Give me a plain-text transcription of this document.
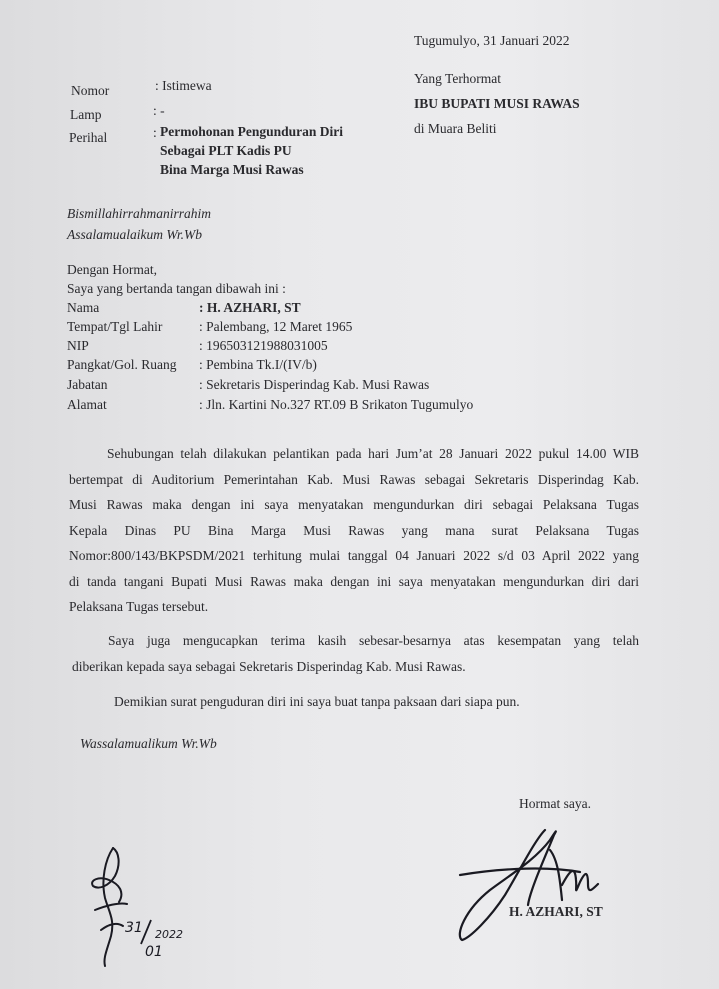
Tugumulyo, 31 Januari 2022
Yang Terhormat
IBU BUPATI MUSI RAWAS
di Muara Beliti
Nomor	: Istimewa
Lamp	: -
Perihal	: Permohonan Pengunduran Diri
Sebagai PLT Kadis PU
Bina Marga Musi Rawas
Bismillahirrahmanirrahim
Assalamualaikum Wr.Wb
Dengan Hormat,
Saya yang bertanda tangan dibawah ini :
Nama	: H. AZHARI, ST
Tempat/Tgl Lahir	: Palembang, 12 Maret 1965
NIP	: 196503121988031005
Pangkat/Gol. Ruang	: Pembina Tk.I/(IV/b)
Jabatan	: Sekretaris Disperindag Kab. Musi Rawas
Alamat	: Jln. Kartini No.327 RT.09 B Srikaton Tugumulyo
Sehubungan telah dilakukan pelantikan pada hari Jum’at 28 Januari 2022 pukul 14.00 WIB
bertempat di Auditorium Pemerintahan Kab. Musi Rawas sebagai Sekretaris Disperindag Kab.
Musi Rawas maka dengan ini saya menyatakan mengundurkan diri sebagai Pelaksana Tugas
Kepala Dinas PU Bina Marga Musi Rawas yang mana surat Pelaksana Tugas
Nomor:800/143/BKPSDM/2021 terhitung mulai tanggal 04 Januari 2022 s/d 03 April 2022 yang
di tanda tangani Bupati Musi Rawas maka dengan ini saya menyatakan mengundurkan diri dari
Pelaksana Tugas tersebut.
Saya juga mengucapkan terima kasih sebesar-besarnya atas kesempatan yang telah
diberikan kepada saya sebagai Sekretaris Disperindag Kab. Musi Rawas.
Demikian surat penguduran diri ini saya buat tanpa paksaan dari siapa pun.
Wassalamualikum Wr.Wb
Hormat saya.
H. AZHARI, ST
31
01
2022
